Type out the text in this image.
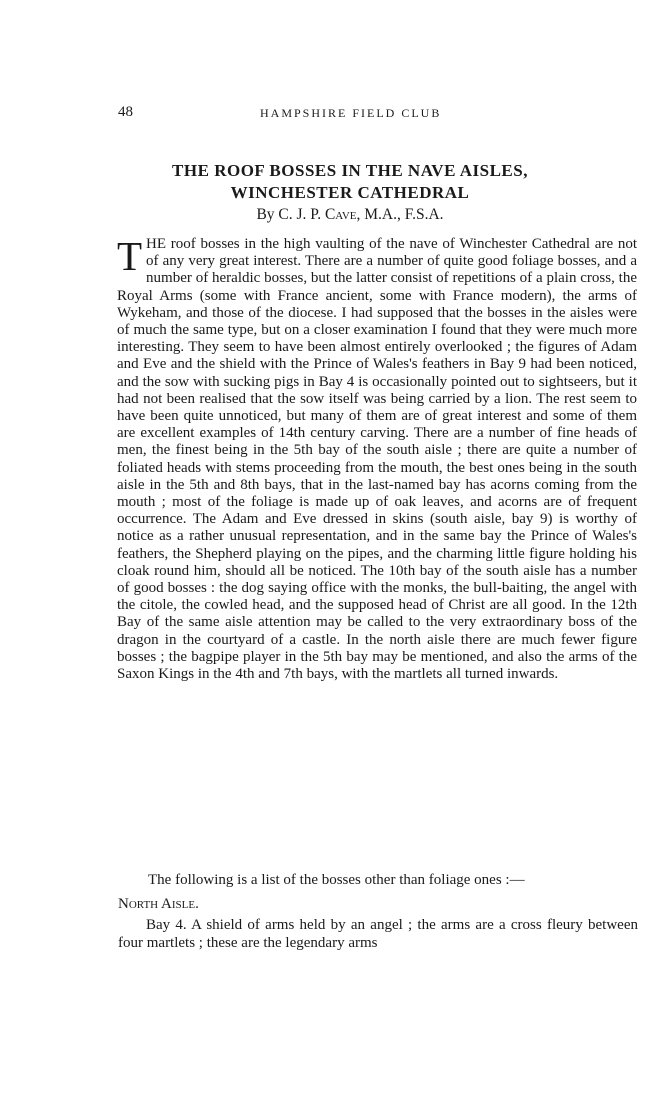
48	HAMPSHIRE FIELD CLUB
THE ROOF BOSSES IN THE NAVE AISLES,
WINCHESTER CATHEDRAL
By C. J. P. Cave, M.A., F.S.A.

THE roof bosses in the high vaulting of the nave of Winchester Cathedral are not of any very great interest. There are a number of quite good foliage bosses, and a number of heraldic bosses, but the latter consist of repetitions of a plain cross, the Royal Arms (some with France ancient, some with France modern), the arms of Wykeham, and those of the diocese. I had supposed that the bosses in the aisles were of much the same type, but on a closer examination I found that they were much more interesting. They seem to have been almost entirely overlooked ; the figures of Adam and Eve and the shield with the Prince of Wales's feathers in Bay 9 had been noticed, and the sow with sucking pigs in Bay 4 is occasionally pointed out to sightseers, but it had not been realised that the sow itself was being carried by a lion. The rest seem to have been quite unnoticed, but many of them are of great interest and some of them are excellent examples of 14th century carving. There are a number of fine heads of men, the finest being in the 5th bay of the south aisle ; there are quite a number of foliated heads with stems proceeding from the mouth, the best ones being in the south aisle in the 5th and 8th bays, that in the last-named bay has acorns coming from the mouth ; most of the foliage is made up of oak leaves, and acorns are of frequent occurrence. The Adam and Eve dressed in skins (south aisle, bay 9) is worthy of notice as a rather unusual representation, and in the same bay the Prince of Wales's feathers, the Shepherd playing on the pipes, and the charming little figure holding his cloak round him, should all be noticed. The 10th bay of the south aisle has a number of good bosses : the dog saying office with the monks, the bull-baiting, the angel with the citole, the cowled head, and the supposed head of Christ are all good. In the 12th Bay of the same aisle attention may be called to the very extraordinary boss of the dragon in the courtyard of a castle. In the north aisle there are much fewer figure bosses ; the bagpipe player in the 5th bay may be mentioned, and also the arms of the Saxon Kings in the 4th and 7th bays, with the martlets all turned inwards.

The following is a list of the bosses other than foliage ones :—
North Aisle.

Bay 4. A shield of arms held by an angel ; the arms are a cross fleury between four martlets ; these are the legendary arms
